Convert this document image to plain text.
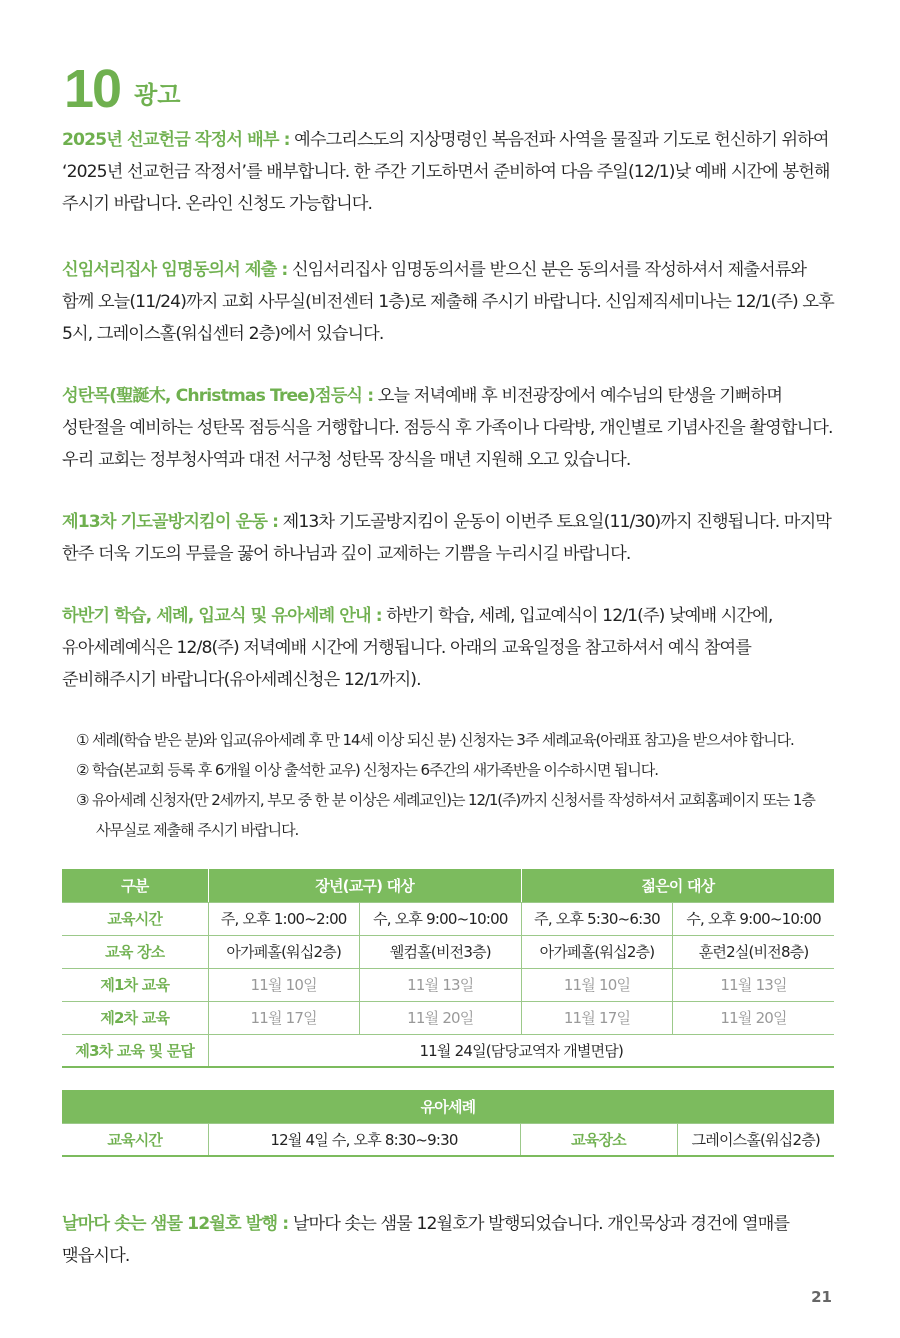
10 광고

2025년 선교헌금 작정서 배부 : 예수그리스도의 지상명령인 복음전파 사역을 물질과 기도로 헌신하기 위하여 ‘2025년 선교헌금 작정서’를 배부합니다. 한 주간 기도하면서 준비하여 다음 주일(12/1)낮 예배 시간에 봉헌해 주시기 바랍니다. 온라인 신청도 가능합니다.

신임서리집사 임명동의서 제출 : 신임서리집사 임명동의서를 받으신 분은 동의서를 작성하셔서 제출서류와 함께 오늘(11/24)까지 교회 사무실(비전센터 1층)로 제출해 주시기 바랍니다. 신임제직세미나는 12/1(주) 오후 5시, 그레이스홀(워십센터 2층)에서 있습니다.

성탄목(聖誕木, Christmas Tree)점등식 : 오늘 저녁예배 후 비전광장에서 예수님의 탄생을 기뻐하며 성탄절을 예비하는 성탄목 점등식을 거행합니다. 점등식 후 가족이나 다락방, 개인별로 기념사진을 촬영합니다. 우리 교회는 정부청사역과 대전 서구청 성탄목 장식을 매년 지원해 오고 있습니다.

제13차 기도골방지킴이 운동 : 제13차 기도골방지킴이 운동이 이번주 토요일(11/30)까지 진행됩니다. 마지막 한주 더욱 기도의 무릎을 꿇어 하나님과 깊이 교제하는 기쁨을 누리시길 바랍니다.

하반기 학습, 세례, 입교식 및 유아세례 안내 : 하반기 학습, 세례, 입교예식이 12/1(주) 낮예배 시간에, 유아세례예식은 12/8(주) 저녁예배 시간에 거행됩니다. 아래의 교육일정을 참고하셔서 예식 참여를 준비해주시기 바랍니다(유아세례신청은 12/1까지).

① 세례(학습 받은 분)와 입교(유아세례 후 만 14세 이상 되신 분) 신청자는 3주 세례교육(아래표 참고)을 받으셔야 합니다.
② 학습(본교회 등록 후 6개월 이상 출석한 교우) 신청자는 6주간의 새가족반을 이수하시면 됩니다.
③ 유아세례 신청자(만 2세까지, 부모 중 한 분 이상은 세례교인)는 12/1(주)까지 신청서를 작성하셔서 교회홈페이지 또는 1층 사무실로 제출해 주시기 바랍니다.
구분	장년(교구) 대상		젊은이 대상	
교육시간	주, 오후 1:00~2:00	수, 오후 9:00~10:00	주, 오후 5:30~6:30	수, 오후 9:00~10:00
교육 장소	아가페홀(워십2층)	웰컴홀(비전3층)	아가페홀(워십2층)	훈련2실(비전8층)
제1차 교육	11월 10일	11월 13일	11월 10일	11월 13일
제2차 교육	11월 17일	11월 20일	11월 17일	11월 20일
제3차 교육 및 문답	11월 24일(담당교역자 개별면담)			
유아세례
교육시간	12월 4일 수, 오후 8:30~9:30	교육장소	그레이스홀(워십2층)

날마다 솟는 샘물 12월호 발행 : 날마다 솟는 샘물 12월호가 발행되었습니다. 개인묵상과 경건에 열매를 맺읍시다.

21
